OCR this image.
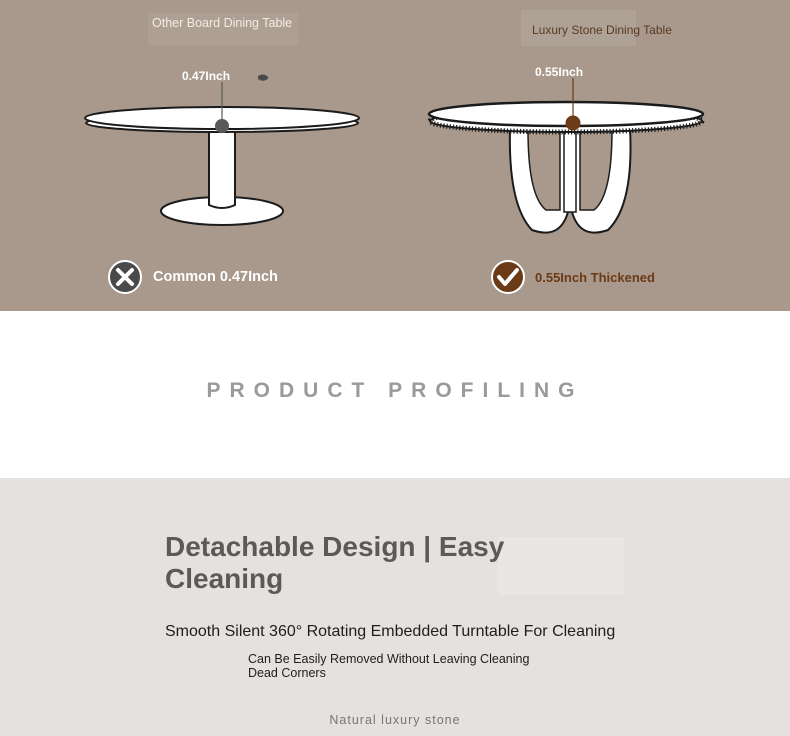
Other Board Dining Table	Luxury Stone Dining Table
0.47Inch	0.55Inch
Common 0.47Inch	0.55Inch Thickened
PRODUCT PROFILING
Detachable Design | Easy Cleaning
Smooth Silent 360° Rotating Embedded Turntable For Cleaning
Can Be Easily Removed Without Leaving Cleaning Dead Corners
Natural luxury stone
